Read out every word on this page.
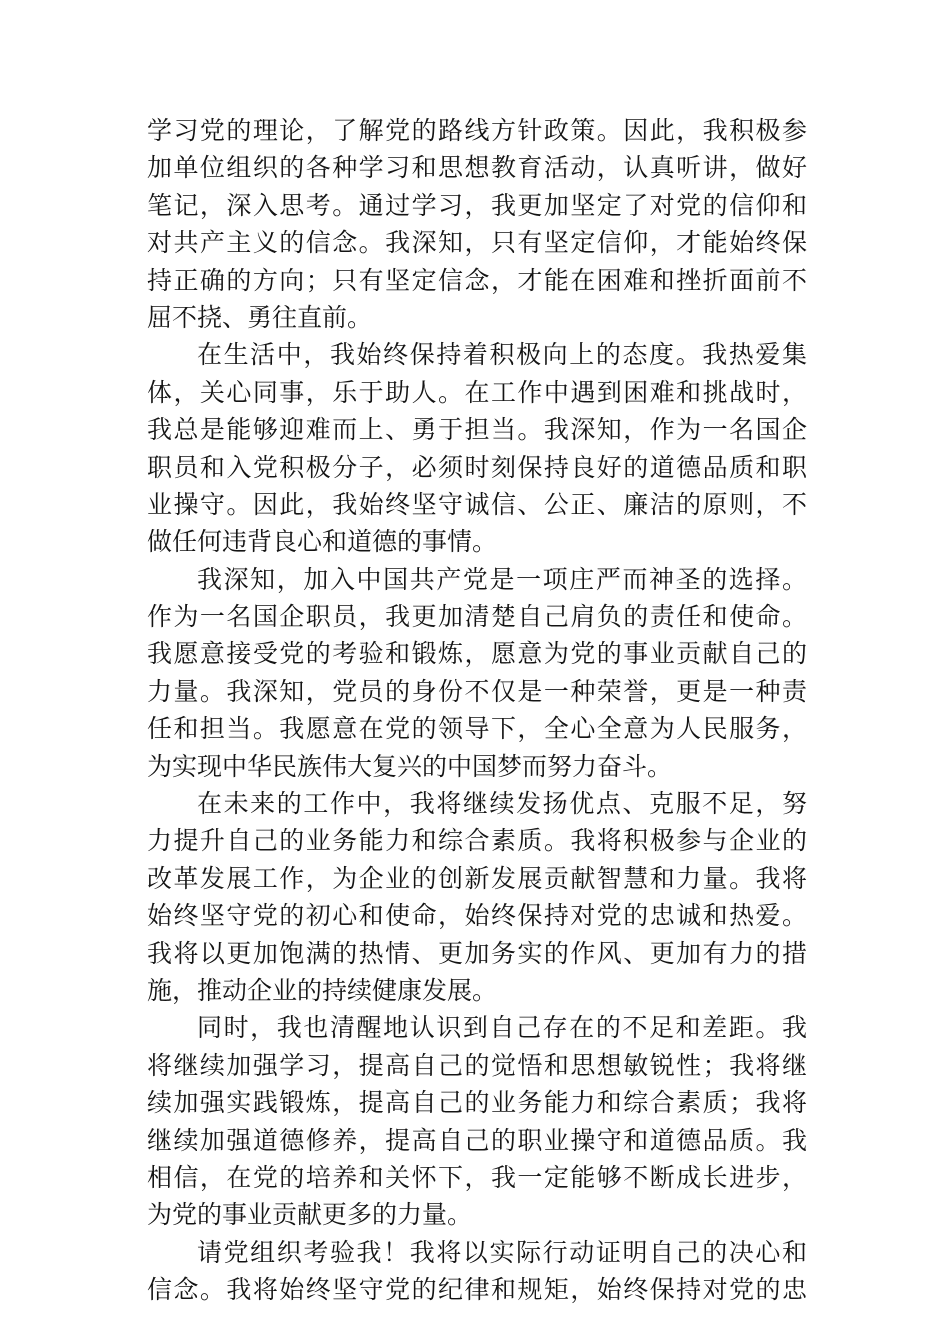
学习党的理论，了解党的路线方针政策。因此，我积极参
加单位组织的各种学习和思想教育活动，认真听讲，做好
笔记，深入思考。通过学习，我更加坚定了对党的信仰和
对共产主义的信念。我深知，只有坚定信仰，才能始终保
持正确的方向；只有坚定信念，才能在困难和挫折面前不
屈不挠、勇往直前。
在生活中，我始终保持着积极向上的态度。我热爱集
体，关心同事，乐于助人。在工作中遇到困难和挑战时，
我总是能够迎难而上、勇于担当。我深知，作为一名国企
职员和入党积极分子，必须时刻保持良好的道德品质和职
业操守。因此，我始终坚守诚信、公正、廉洁的原则，不
做任何违背良心和道德的事情。
我深知，加入中国共产党是一项庄严而神圣的选择。
作为一名国企职员，我更加清楚自己肩负的责任和使命。
我愿意接受党的考验和锻炼，愿意为党的事业贡献自己的
力量。我深知，党员的身份不仅是一种荣誉，更是一种责
任和担当。我愿意在党的领导下，全心全意为人民服务，
为实现中华民族伟大复兴的中国梦而努力奋斗。
在未来的工作中，我将继续发扬优点、克服不足，努
力提升自己的业务能力和综合素质。我将积极参与企业的
改革发展工作，为企业的创新发展贡献智慧和力量。我将
始终坚守党的初心和使命，始终保持对党的忠诚和热爱。
我将以更加饱满的热情、更加务实的作风、更加有力的措
施，推动企业的持续健康发展。
同时，我也清醒地认识到自己存在的不足和差距。我
将继续加强学习，提高自己的觉悟和思想敏锐性；我将继
续加强实践锻炼，提高自己的业务能力和综合素质；我将
继续加强道德修养，提高自己的职业操守和道德品质。我
相信，在党的培养和关怀下，我一定能够不断成长进步，
为党的事业贡献更多的力量。
请党组织考验我！我将以实际行动证明自己的决心和
信念。我将始终坚守党的纪律和规矩，始终保持对党的忠
